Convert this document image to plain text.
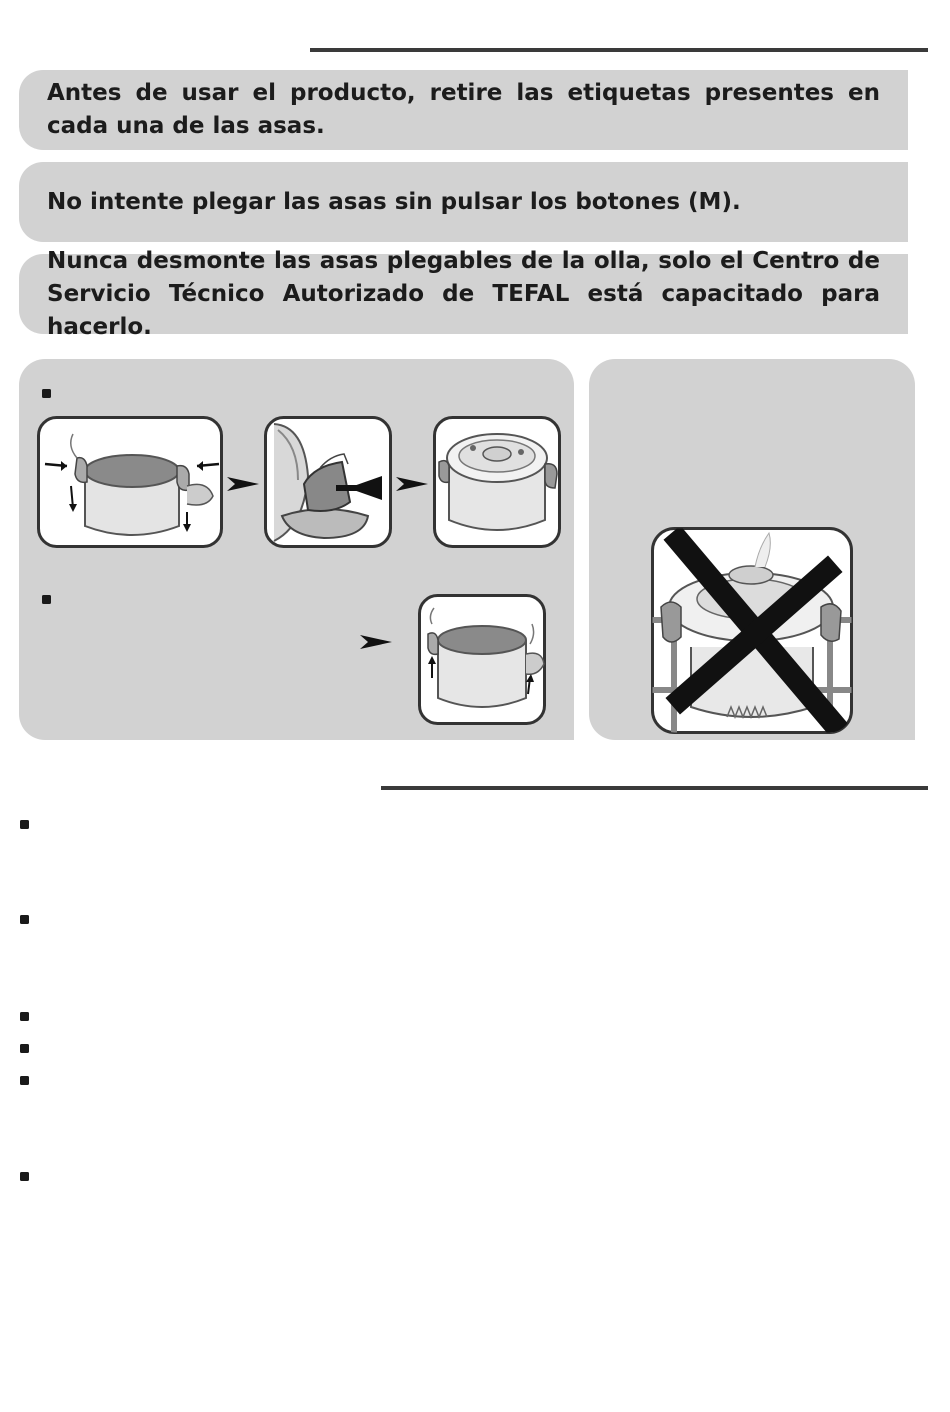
Antes de usar el producto, retire las etiquetas presentes en cada una de las asas.

No intente plegar las asas sin pulsar los botones (M).

Nunca desmonte las asas plegables de la olla, solo el Centro de Servicio Técnico Autorizado de TEFAL está capacitado para hacerlo.
